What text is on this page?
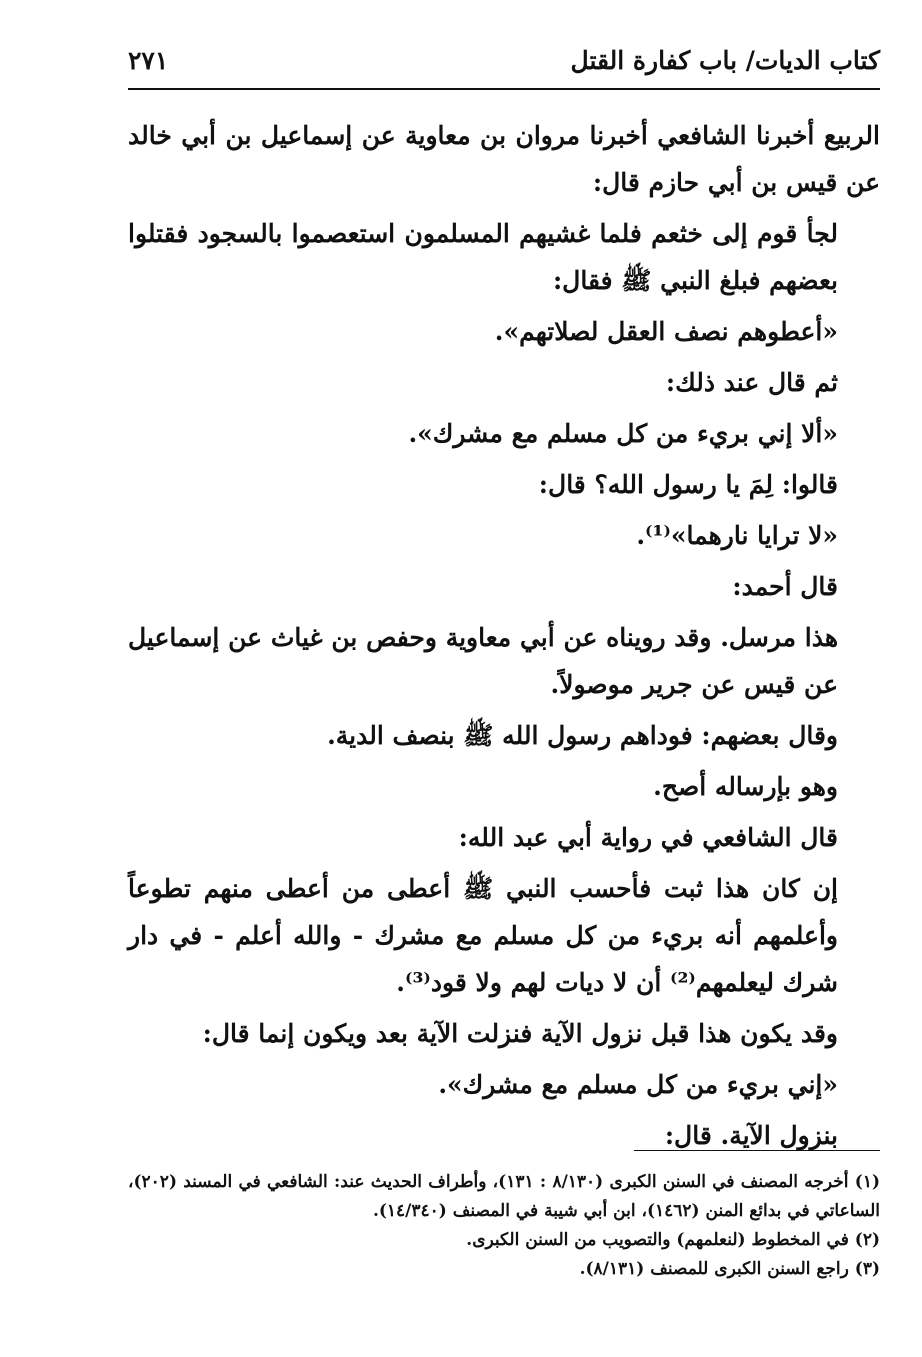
كتاب الديات/ باب كفارة القتل
٢٧١

الربيع أخبرنا الشافعي أخبرنا مروان بن معاوية عن إسماعيل بن أبي خالد عن قيس بن أبي حازم قال:

لجأ قوم إلى خثعم فلما غشيهم المسلمون استعصموا بالسجود فقتلوا بعضهم فبلغ النبي ﷺ فقال:

«أعطوهم نصف العقل لصلاتهم».

ثم قال عند ذلك:

«ألا إني بريء من كل مسلم مع مشرك».

قالوا: لِمَ يا رسول الله؟ قال:

«لا ترايا نارهما»⁽¹⁾.

قال أحمد:

هذا مرسل. وقد رويناه عن أبي معاوية وحفص بن غياث عن إسماعيل عن قيس عن جرير موصولاً.

وقال بعضهم: فوداهم رسول الله ﷺ بنصف الدية.

وهو بإرساله أصح.

قال الشافعي في رواية أبي عبد الله:

إن كان هذا ثبت فأحسب النبي ﷺ أعطى من أعطى منهم تطوعاً وأعلمهم أنه بريء من كل مسلم مع مشرك - والله أعلم - في دار شرك ليعلمهم⁽²⁾ أن لا ديات لهم ولا قود⁽³⁾.

وقد يكون هذا قبل نزول الآية فنزلت الآية بعد ويكون إنما قال:

«إني بريء من كل مسلم مع مشرك».

بنزول الآية. قال:

(١) أخرجه المصنف في السنن الكبرى (٨/١٣٠ : ١٣١)، وأطراف الحديث عند: الشافعي في المسند (٢٠٢)، الساعاتي في بدائع المنن (١٤٦٢)، ابن أبي شيبة في المصنف (١٤/٣٤٠).

(٢) في المخطوط (لنعلمهم) والتصويب من السنن الكبرى.

(٣) راجع السنن الكبرى للمصنف (٨/١٣١).
